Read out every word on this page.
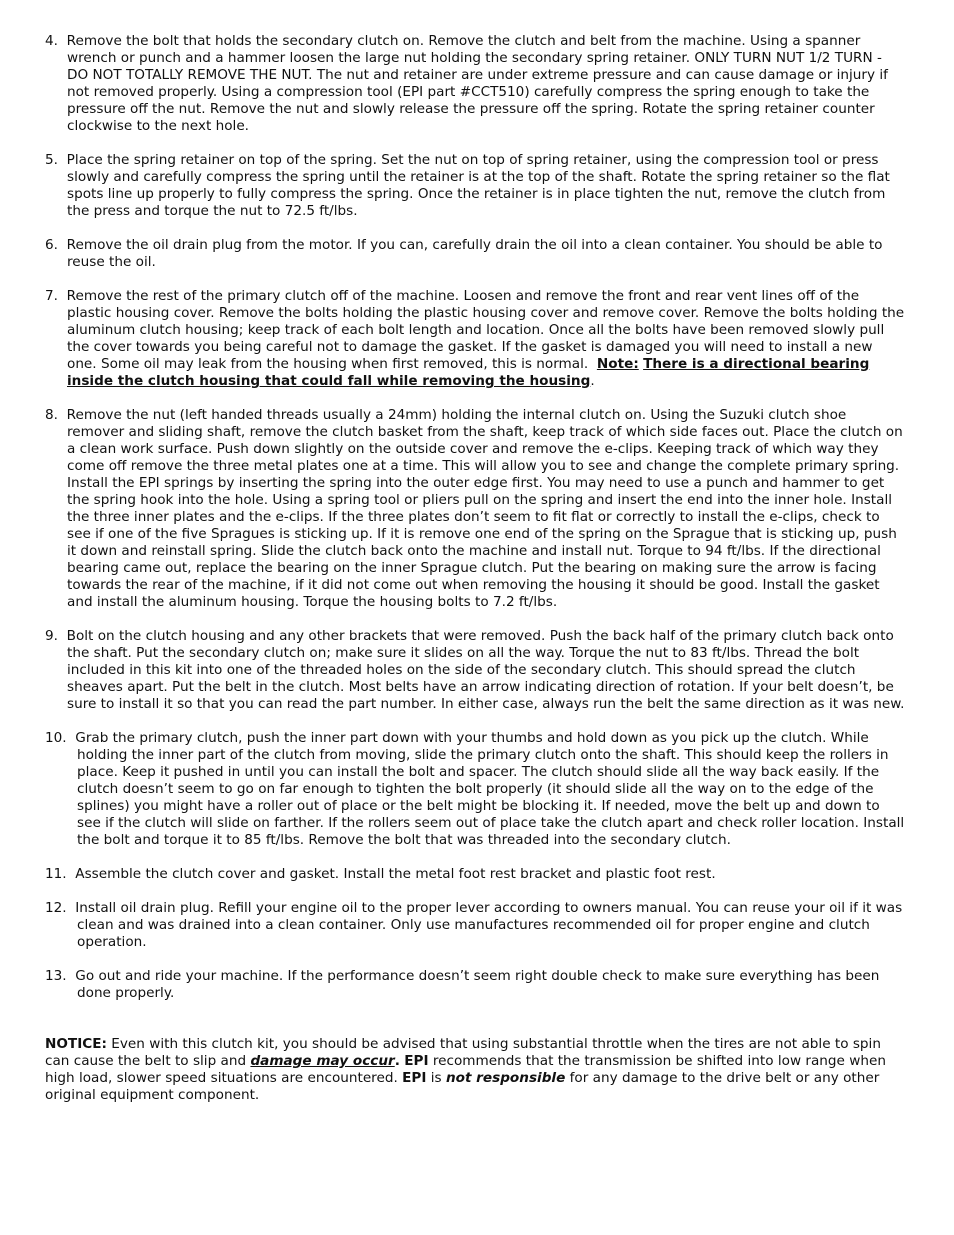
4. Remove the bolt that holds the secondary clutch on. Remove the clutch and belt from the machine. Using a spanner wrench or punch and a hammer loosen the large nut holding the secondary spring retainer. ONLY TURN NUT 1/2 TURN - DO NOT TOTALLY REMOVE THE NUT. The nut and retainer are under extreme pressure and can cause damage or injury if not removed properly. Using a compression tool (EPI part #CCT510) carefully compress the spring enough to take the pressure off the nut. Remove the nut and slowly release the pressure off the spring. Rotate the spring retainer counter clockwise to the next hole.

5. Place the spring retainer on top of the spring. Set the nut on top of spring retainer, using the compression tool or press slowly and carefully compress the spring until the retainer is at the top of the shaft. Rotate the spring retainer so the flat spots line up properly to fully compress the spring. Once the retainer is in place tighten the nut, remove the clutch from the press and torque the nut to 72.5 ft/lbs.

6. Remove the oil drain plug from the motor. If you can, carefully drain the oil into a clean container. You should be able to reuse the oil.

7. Remove the rest of the primary clutch off of the machine. Loosen and remove the front and rear vent lines off of the plastic housing cover. Remove the bolts holding the plastic housing cover and remove cover. Remove the bolts holding the aluminum clutch housing; keep track of each bolt length and location. Once all the bolts have been removed slowly pull the cover towards you being careful not to damage the gasket. If the gasket is damaged you will need to install a new one. Some oil may leak from the housing when first removed, this is normal. Note: There is a directional bearing inside the clutch housing that could fall while removing the housing.

8. Remove the nut (left handed threads usually a 24mm) holding the internal clutch on. Using the Suzuki clutch shoe remover and sliding shaft, remove the clutch basket from the shaft, keep track of which side faces out. Place the clutch on a clean work surface. Push down slightly on the outside cover and remove the e-clips. Keeping track of which way they come off remove the three metal plates one at a time. This will allow you to see and change the complete primary spring. Install the EPI springs by inserting the spring into the outer edge first. You may need to use a punch and hammer to get the spring hook into the hole. Using a spring tool or pliers pull on the spring and insert the end into the inner hole. Install the three inner plates and the e-clips. If the three plates don’t seem to fit flat or correctly to install the e-clips, check to see if one of the five Spragues is sticking up. If it is remove one end of the spring on the Sprague that is sticking up, push it down and reinstall spring. Slide the clutch back onto the machine and install nut. Torque to 94 ft/lbs. If the directional bearing came out, replace the bearing on the inner Sprague clutch. Put the bearing on making sure the arrow is facing towards the rear of the machine, if it did not come out when removing the housing it should be good. Install the gasket and install the aluminum housing. Torque the housing bolts to 7.2 ft/lbs.

9. Bolt on the clutch housing and any other brackets that were removed. Push the back half of the primary clutch back onto the shaft. Put the secondary clutch on; make sure it slides on all the way. Torque the nut to 83 ft/lbs. Thread the bolt included in this kit into one of the threaded holes on the side of the secondary clutch. This should spread the clutch sheaves apart. Put the belt in the clutch. Most belts have an arrow indicating direction of rotation. If your belt doesn’t, be sure to install it so that you can read the part number. In either case, always run the belt the same direction as it was new.

10. Grab the primary clutch, push the inner part down with your thumbs and hold down as you pick up the clutch. While holding the inner part of the clutch from moving, slide the primary clutch onto the shaft. This should keep the rollers in place. Keep it pushed in until you can install the bolt and spacer. The clutch should slide all the way back easily. If the clutch doesn’t seem to go on far enough to tighten the bolt properly (it should slide all the way on to the edge of the splines) you might have a roller out of place or the belt might be blocking it. If needed, move the belt up and down to see if the clutch will slide on farther. If the rollers seem out of place take the clutch apart and check roller location. Install the bolt and torque it to 85 ft/lbs. Remove the bolt that was threaded into the secondary clutch.

11. Assemble the clutch cover and gasket. Install the metal foot rest bracket and plastic foot rest.

12. Install oil drain plug. Refill your engine oil to the proper lever according to owners manual. You can reuse your oil if it was clean and was drained into a clean container. Only use manufactures recommended oil for proper engine and clutch operation.

13. Go out and ride your machine. If the performance doesn’t seem right double check to make sure everything has been done properly.

NOTICE: Even with this clutch kit, you should be advised that using substantial throttle when the tires are not able to spin can cause the belt to slip and damage may occur. EPI recommends that the transmission be shifted into low range when high load, slower speed situations are encountered. EPI is not responsible for any damage to the drive belt or any other original equipment component.
